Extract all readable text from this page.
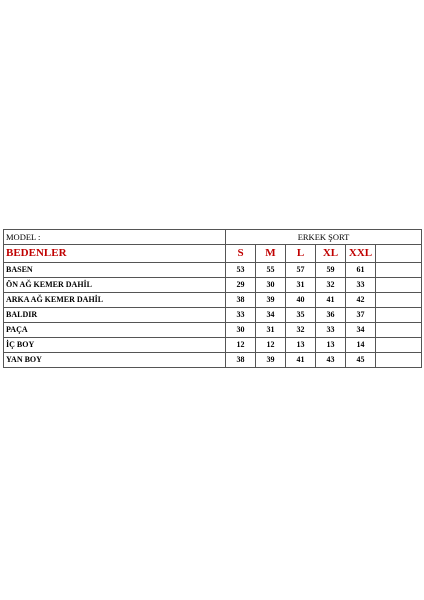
MODEL :	ERKEK ŞORT					
BEDENLER	S	M	L	XL	XXL	
BASEN	53	55	57	59	61	
ÖN AĞ KEMER DAHİL	29	30	31	32	33	
ARKA AĞ KEMER DAHİL	38	39	40	41	42	
BALDIR	33	34	35	36	37	
PAÇA	30	31	32	33	34	
İÇ BOY	12	12	13	13	14	
YAN BOY	38	39	41	43	45	
